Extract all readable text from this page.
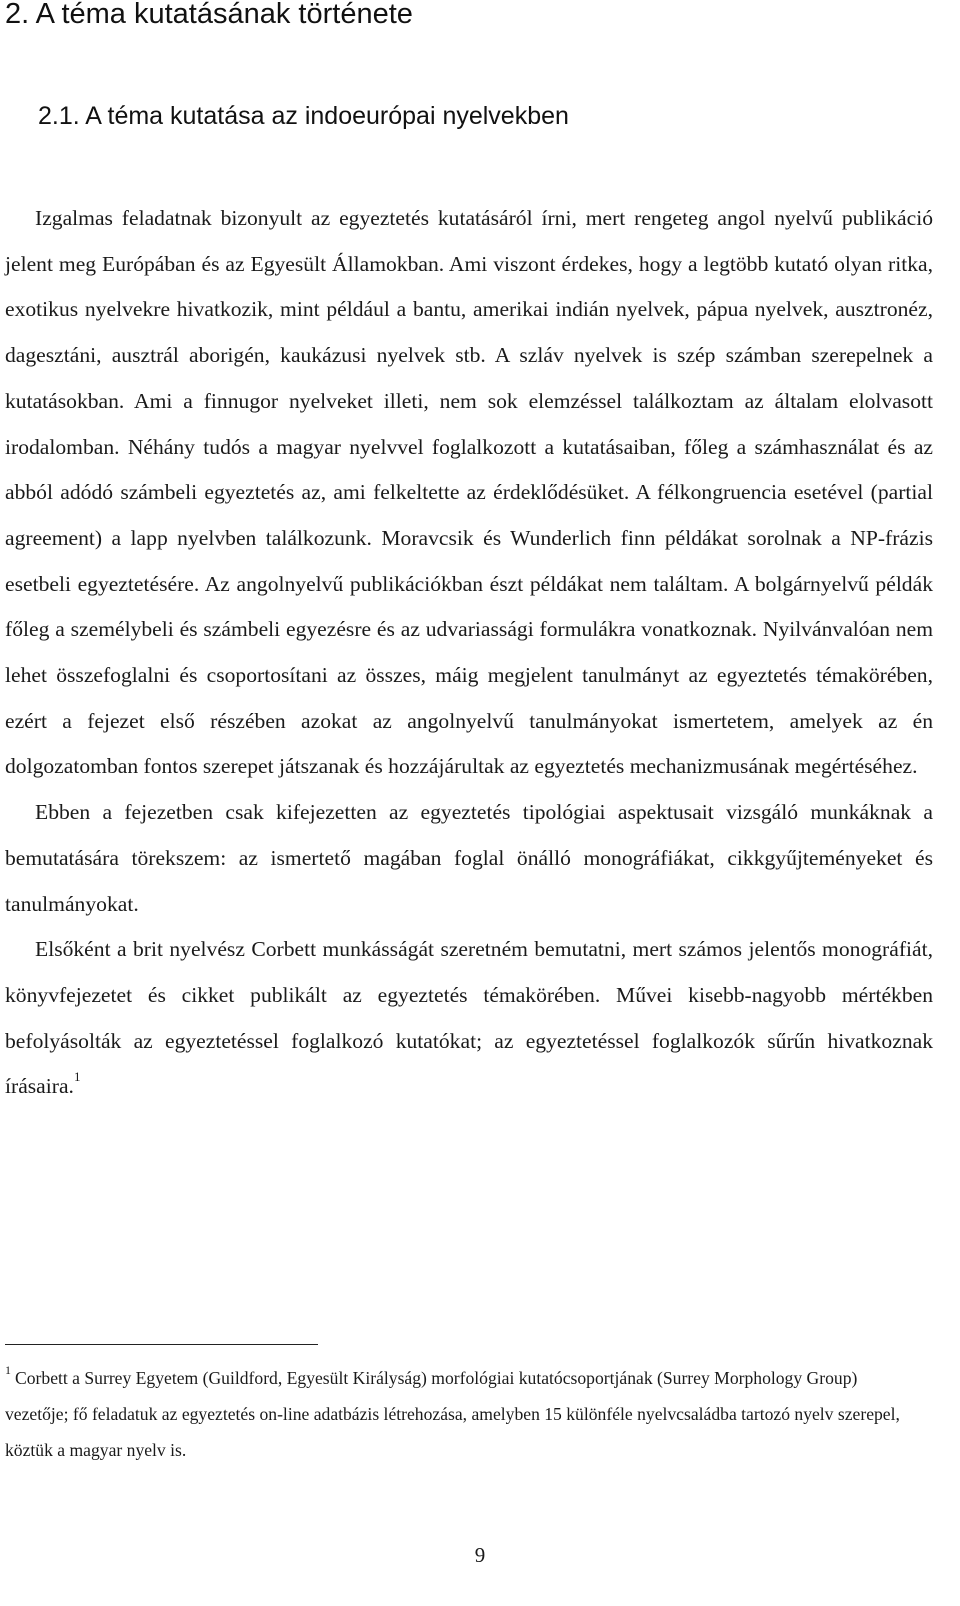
2. A téma kutatásának története
2.1. A téma kutatása az indoeurópai nyelvekben

Izgalmas feladatnak bizonyult az egyeztetés kutatásáról írni, mert rengeteg angol nyelvű publikáció jelent meg Európában és az Egyesült Államokban. Ami viszont érdekes, hogy a legtöbb kutató olyan ritka, exotikus nyelvekre hivatkozik, mint például a bantu, amerikai indián nyelvek, pápua nyelvek, ausztronéz, dagesztáni, ausztrál aborigén, kaukázusi nyelvek stb. A szláv nyelvek is szép számban szerepelnek a kutatásokban. Ami a finnugor nyelveket illeti, nem sok elemzéssel találkoztam az általam elolvasott irodalomban. Néhány tudós a magyar nyelvvel foglalkozott a kutatásaiban, főleg a számhasználat és az abból adódó számbeli egyeztetés az, ami felkeltette az érdeklődésüket. A félkongruencia esetével (partial agreement) a lapp nyelvben találkozunk. Moravcsik és Wunderlich finn példákat sorolnak a NP-frázis esetbeli egyeztetésére. Az angolnyelvű publikációkban észt példákat nem találtam. A bolgárnyelvű példák főleg a személybeli és számbeli egyezésre és az udvariassági formulákra vonatkoznak. Nyilvánvalóan nem lehet összefoglalni és csoportosítani az összes, máig megjelent tanulmányt az egyeztetés témakörében, ezért a fejezet első részében azokat az angolnyelvű tanulmányokat ismertetem, amelyek az én dolgozatomban fontos szerepet játszanak és hozzájárultak az egyeztetés mechanizmusának megértéséhez.

Ebben a fejezetben csak kifejezetten az egyeztetés tipológiai aspektusait vizsgáló munkáknak a bemutatására törekszem: az ismertető magában foglal önálló monográfiákat, cikkgyűjteményeket és tanulmányokat.

Elsőként a brit nyelvész Corbett munkásságát szeretném bemutatni, mert számos jelentős monográfiát, könyvfejezetet és cikket publikált az egyeztetés témakörében. Művei kisebb-nagyobb mértékben befolyásolták az egyeztetéssel foglalkozó kutatókat; az egyeztetéssel foglalkozók sűrűn hivatkoznak írásaira.$^1$

$^1$ Corbett a Surrey Egyetem (Guildford, Egyesült Királyság) morfológiai kutatócsoportjának (Surrey Morphology Group) vezetője; fő feladatuk az egyeztetés on-line adatbázis létrehozása, amelyben 15 különféle nyelvcsaládba tartozó nyelv szerepel, köztük a magyar nyelv is.
9
